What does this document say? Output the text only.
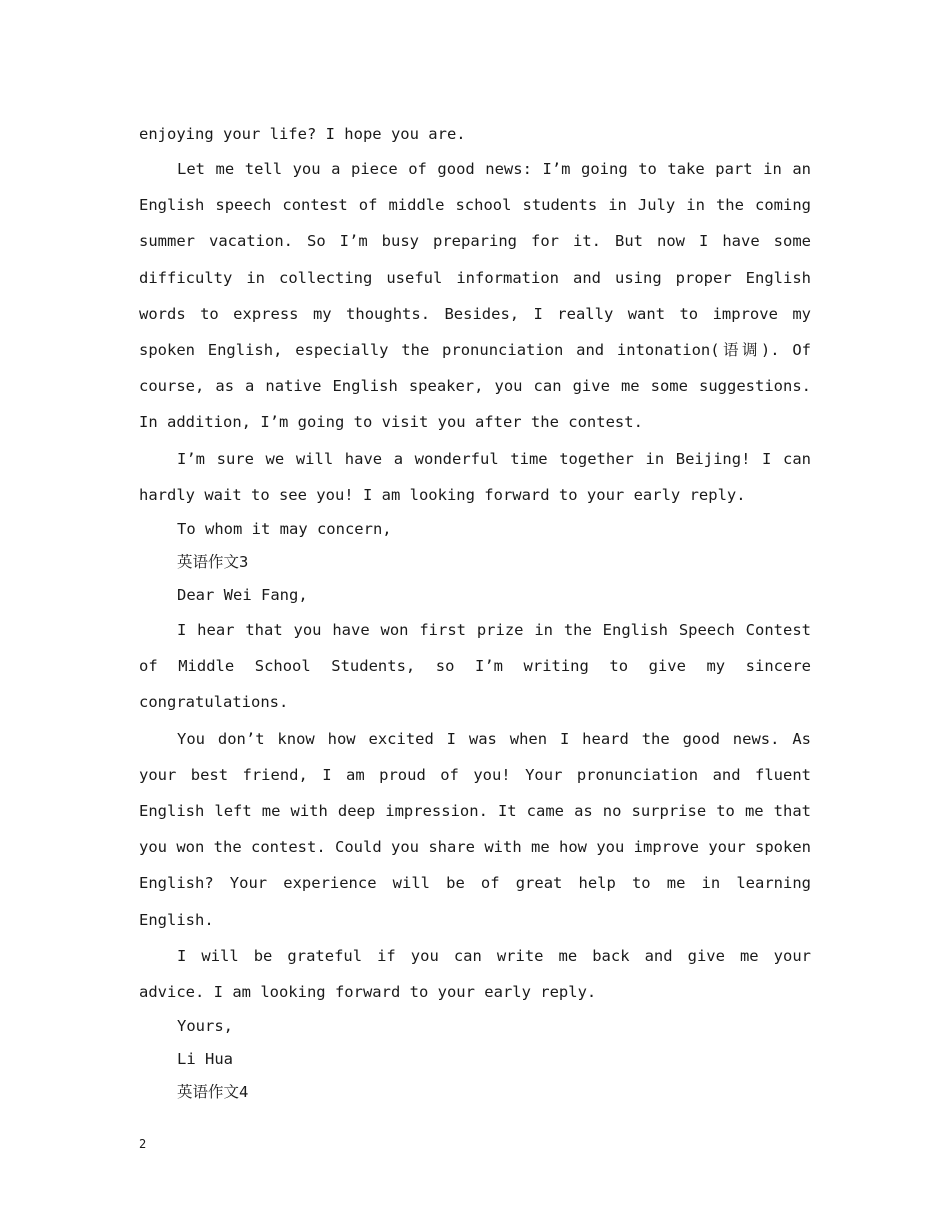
enjoying your life? I hope you are.

Let me tell you a piece of good news: I’m going to take part in an English speech contest of middle school students in July in the coming summer vacation. So I’m busy preparing for it. But now I have some difficulty in collecting useful information and using proper English words to express my thoughts. Besides, I really want to improve my spoken English, especially the pronunciation and intonation(语调). Of course, as a native English speaker, you can give me some suggestions. In addition, I’m going to visit you after the contest.

I’m sure we will have a wonderful time together in Beijing! I can hardly wait to see you! I am looking forward to your early reply.

To whom it may concern,

英语作文3

Dear Wei Fang,

I hear that you have won first prize in the English Speech Contest of Middle School Students, so I’m writing to give my sincere congratulations.

You don’t know how excited I was when I heard the good news. As your best friend, I am proud of you! Your pronunciation and fluent English left me with deep impression. It came as no surprise to me that you won the contest. Could you share with me how you improve your spoken English? Your experience will be of great help to me in learning English.

I will be grateful if you can write me back and give me your advice. I am looking forward to your early reply.

Yours,

Li Hua

英语作文4

2
